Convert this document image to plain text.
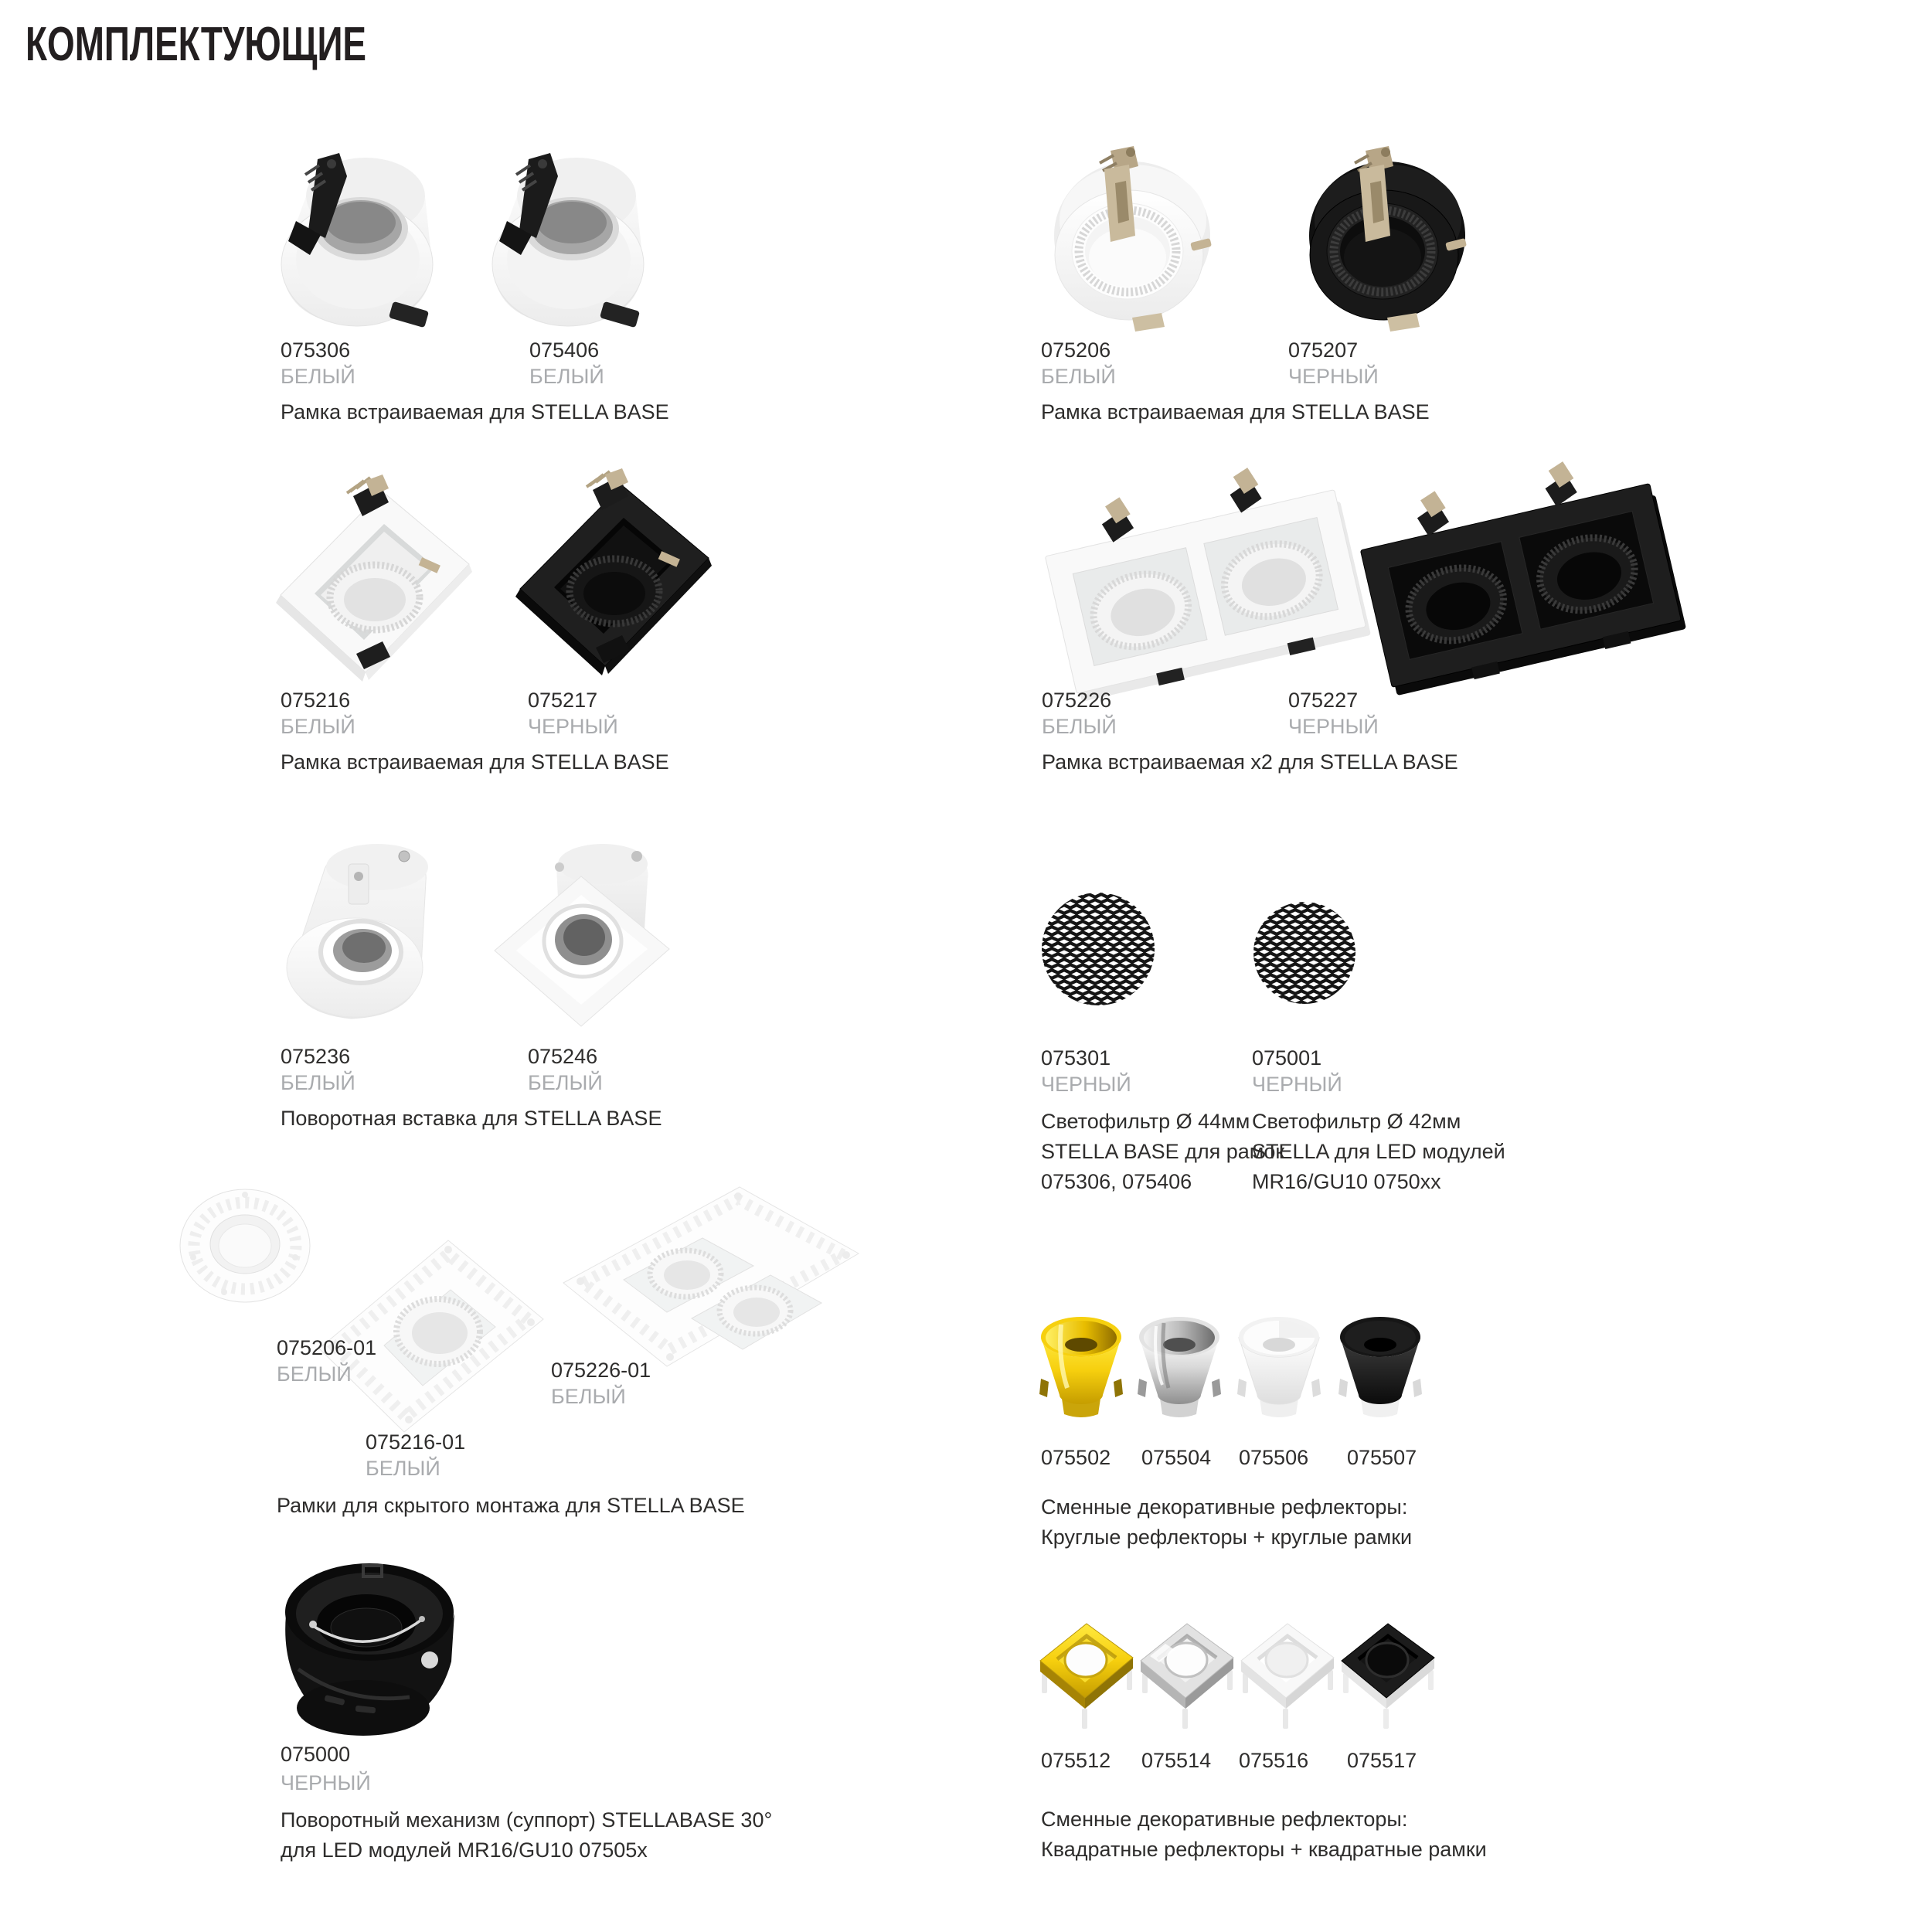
КОМПЛЕКТУЮЩИЕ
075306
БЕЛЫЙ
075406
БЕЛЫЙ
Рамка встраиваемая для STELLA BASE
075206
БЕЛЫЙ
075207
ЧЕРНЫЙ
Рамка встраиваемая для STELLA BASE
075216
БЕЛЫЙ
075217
ЧЕРНЫЙ
Рамка встраиваемая для STELLA BASE
075226
БЕЛЫЙ
075227
ЧЕРНЫЙ
Рамка встраиваемая x2 для STELLA BASE
075236
БЕЛЫЙ
075246
БЕЛЫЙ
Поворотная вставка для STELLA BASE
075301
ЧЕРНЫЙ
Светофильтр Ø 44мм
STELLA BASE для рамок
075306, 075406
075001
ЧЕРНЫЙ
Светофильтр Ø 42мм
STELLA для LED модулей
MR16/GU10 0750xx
075206-01
БЕЛЫЙ	075226-01
БЕЛЫЙ
075216-01
БЕЛЫЙ
Рамки для скрытого монтажа для STELLA BASE
075502 075504 075506 075507
Сменные декоративные рефлекторы:
Круглые рефлекторы + круглые рамки
075000
ЧЕРНЫЙ
Поворотный механизм (суппорт) STELLABASE 30°
для LED модулей MR16/GU10 07505x
075512 075514 075516 075517
Сменные декоративные рефлекторы:
Квадратные рефлекторы + квадратные рамки
